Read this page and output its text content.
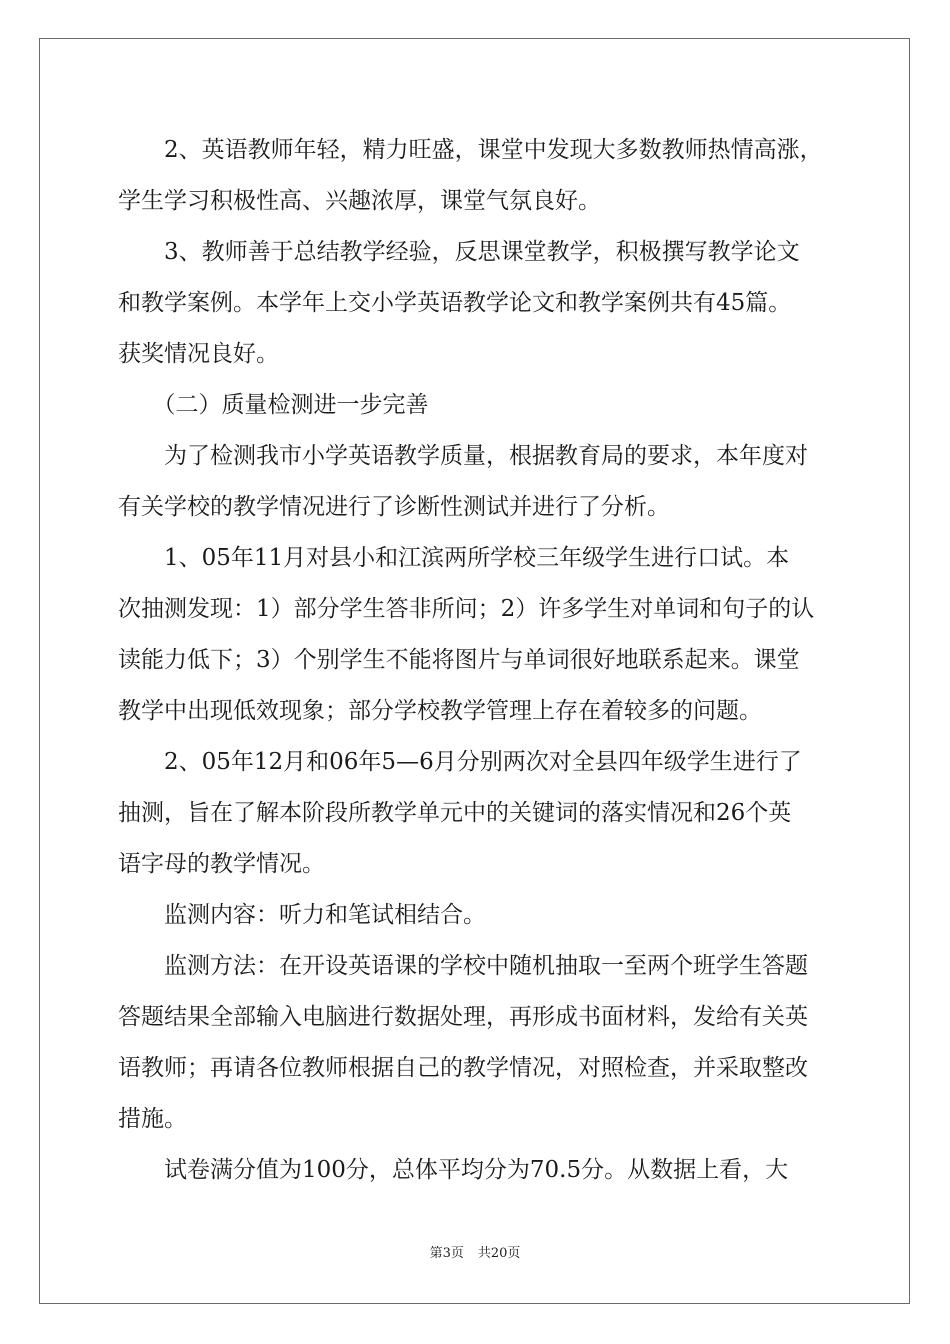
　　2、英语教师年轻，精力旺盛，课堂中发现大多数教师热情高涨，
学生学习积极性高、兴趣浓厚，课堂气氛良好。
　　3、教师善于总结教学经验，反思课堂教学，积极撰写教学论文
和教学案例。本学年上交小学英语教学论文和教学案例共有45篇。
获奖情况良好。
　　（二）质量检测进一步完善
　　为了检测我市小学英语教学质量，根据教育局的要求，本年度对
有关学校的教学情况进行了诊断性测试并进行了分析。
　　1、05年11月对县小和江滨两所学校三年级学生进行口试。本
次抽测发现：1）部分学生答非所问；2）许多学生对单词和句子的认
读能力低下；3）个别学生不能将图片与单词很好地联系起来。课堂
教学中出现低效现象；部分学校教学管理上存在着较多的问题。
　　2、05年12月和06年5—6月分别两次对全县四年级学生进行了
抽测，旨在了解本阶段所教学单元中的关键词的落实情况和26个英
语字母的教学情况。
　　监测内容：听力和笔试相结合。
　　监测方法：在开设英语课的学校中随机抽取一至两个班学生答题
答题结果全部输入电脑进行数据处理，再形成书面材料，发给有关英
语教师；再请各位教师根据自己的教学情况，对照检查，并采取整改
措施。
　　试卷满分值为100分，总体平均分为70.5分。从数据上看，大
第3页 共20页
